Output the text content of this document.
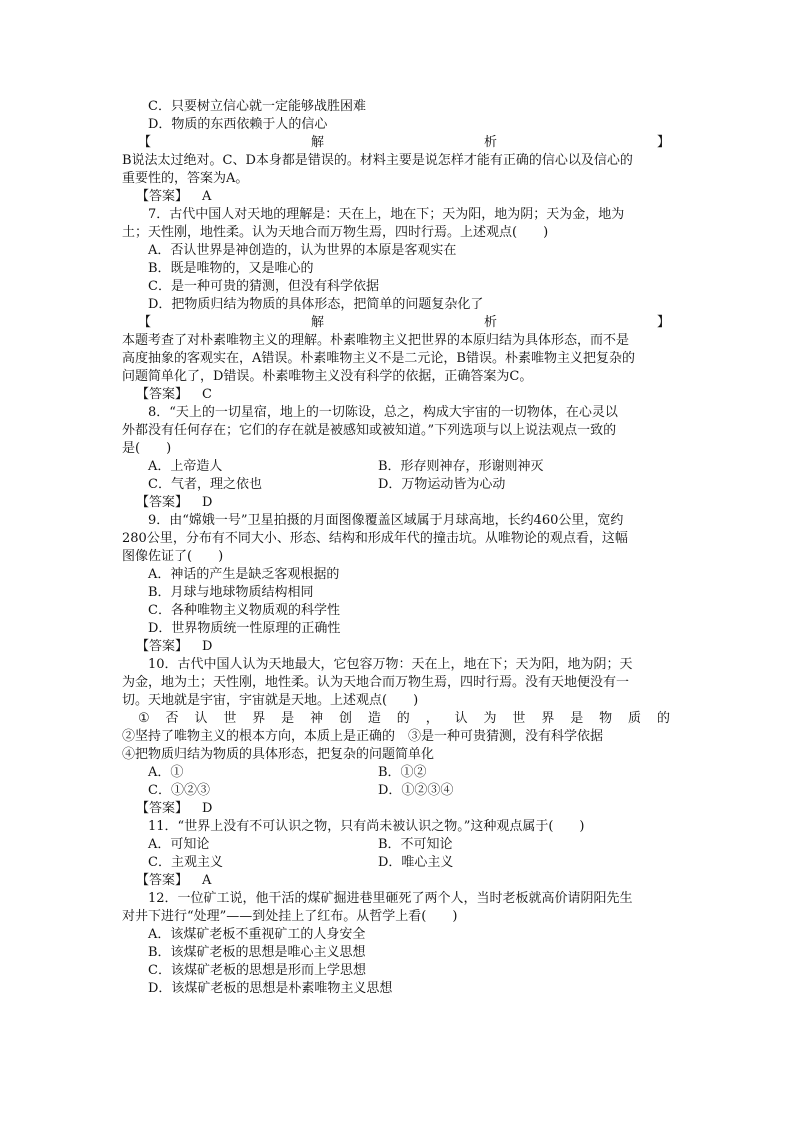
C．只要树立信心就一定能够战胜困难
D．物质的东西依赖于人的信心
【	解	析	】
B说法太过绝对。C、D本身都是错误的。材料主要是说怎样才能有正确的信心以及信心的
重要性的，答案为A。
【答案】 A
7．古代中国人对天地的理解是：天在上，地在下；天为阳，地为阴；天为金，地为
土；天性刚，地性柔。认为天地合而万物生焉，四时行焉。上述观点(　　)
A．否认世界是神创造的，认为世界的本原是客观实在
B．既是唯物的，又是唯心的
C．是一种可贵的猜测，但没有科学依据
D．把物质归结为物质的具体形态，把简单的问题复杂化了
【	解	析	】
本题考查了对朴素唯物主义的理解。朴素唯物主义把世界的本原归结为具体形态，而不是
高度抽象的客观实在，A错误。朴素唯物主义不是二元论，B错误。朴素唯物主义把复杂的
问题简单化了，D错误。朴素唯物主义没有科学的依据，正确答案为C。
【答案】 C
8．“天上的一切星宿，地上的一切陈设，总之，构成大宇宙的一切物体，在心灵以
外都没有任何存在；它们的存在就是被感知或被知道。”下列选项与以上说法观点一致的
是(　　)
A．上帝造人	B．形存则神存，形谢则神灭
C．气者，理之依也	D．万物运动皆为心动
【答案】 D
9．由“嫦娥一号”卫星拍摄的月面图像覆盖区域属于月球高地，长约460公里，宽约
280公里，分布有不同大小、形态、结构和形成年代的撞击坑。从唯物论的观点看，这幅
图像佐证了(　　)
A．神话的产生是缺乏客观根据的
B．月球与地球物质结构相同
C．各种唯物主义物质观的科学性
D．世界物质统一性原理的正确性
【答案】 D
10．古代中国人认为天地最大，它包容万物：天在上，地在下；天为阳，地为阴；天
为金，地为土；天性刚，地性柔。认为天地合而万物生焉，四时行焉。没有天地便没有一
切。天地就是宇宙，宇宙就是天地。上述观点(　　)
① 否 认 世 界 是 神 创 造 的 ， 认 为 世 界 是 物 质 的
②坚持了唯物主义的根本方向，本质上是正确的　③是一种可贵猜测，没有科学依据
④把物质归结为物质的具体形态，把复杂的问题简单化
A．①	B．①②
C．①②③	D．①②③④
【答案】 D
11．“世界上没有不可认识之物，只有尚未被认识之物。”这种观点属于(　　)
A．可知论	B．不可知论
C．主观主义	D．唯心主义
【答案】 A
12．一位矿工说，他干活的煤矿掘进巷里砸死了两个人，当时老板就高价请阴阳先生
对井下进行“处理”——到处挂上了红布。从哲学上看(　　)
A．该煤矿老板不重视矿工的人身安全
B．该煤矿老板的思想是唯心主义思想
C．该煤矿老板的思想是形而上学思想
D．该煤矿老板的思想是朴素唯物主义思想
